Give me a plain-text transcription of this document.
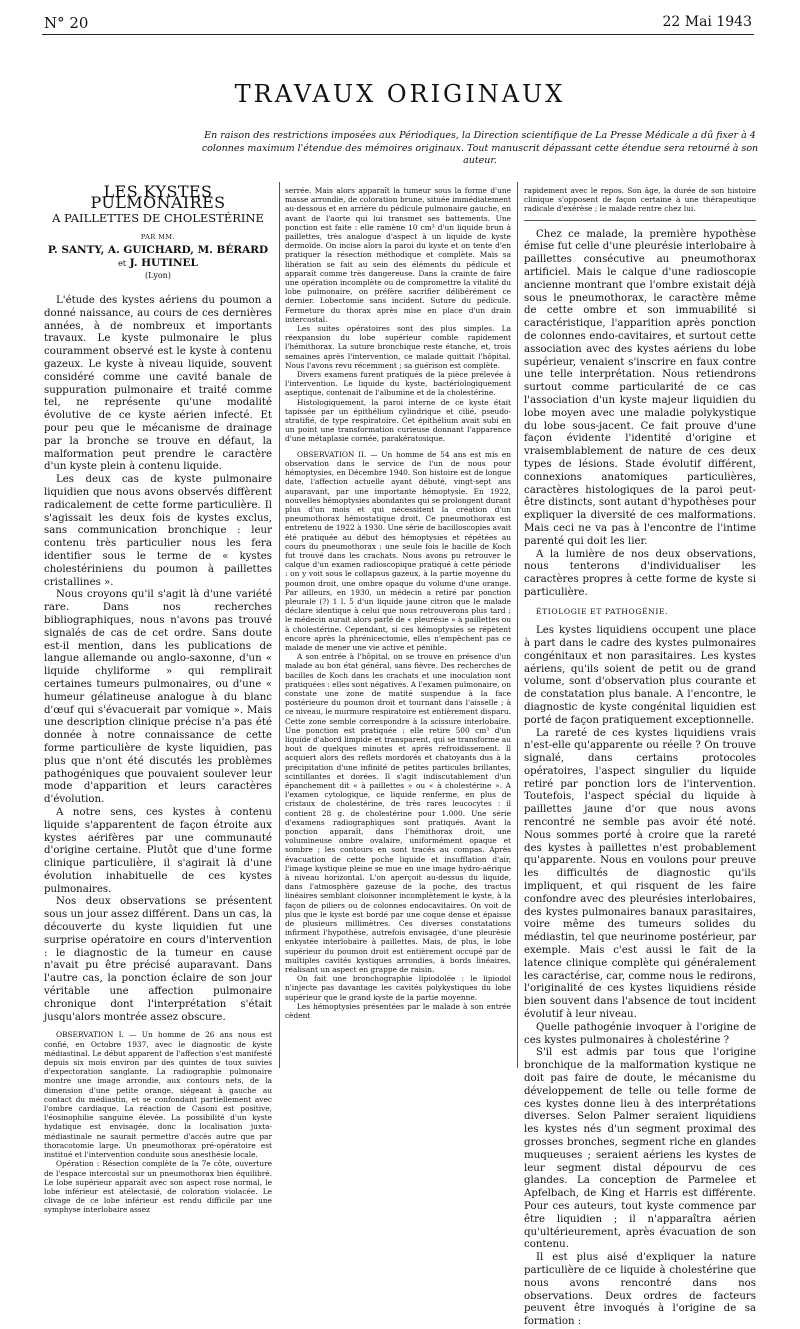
N° 20	22 Mai 1943
TRAVAUX ORIGINAUX
En raison des restrictions imposées aux Périodiques, la Direction scientifique de La Presse Médicale a dû fixer à 4 colonnes maximum l'étendue des mémoires originaux. Tout manuscrit dépassant cette étendue sera retourné à son auteur.
LES KYSTES PULMONAIRES
A PAILLETTES DE CHOLESTÉRINE
PAR MM.
P. SANTY, A. GUICHARD, M. BÉRARD
et J. HUTINEL
(Lyon)

L'étude des kystes aériens du poumon a donné naissance, au cours de ces dernières années, à de nombreux et importants travaux. Le kyste pulmonaire le plus couramment observé est le kyste à contenu gazeux. Le kyste à niveau liquide, souvent considéré comme une cavité banale de suppuration pulmonaire et traité comme tel, ne représente qu'une modalité évolutive de ce kyste aérien infecté. Et pour peu que le mécanisme de drainage par la bronche se trouve en défaut, la malformation peut prendre le caractère d'un kyste plein à contenu liquide.

Les deux cas de kyste pulmonaire liquidien que nous avons observés diffèrent radicalement de cette forme particulière. Il s'agissait les deux fois de kystes exclus, sans communication bronchique : leur contenu très particulier nous les fera identifier sous le terme de « kystes cholestériniens du poumon à paillettes cristallines ».

Nous croyons qu'il s'agit là d'une variété rare. Dans nos recherches bibliographiques, nous n'avons pas trouvé signalés de cas de cet ordre. Sans doute est-il mention, dans les publications de langue allemande ou anglo-saxonne, d'un « liquide chyliforme » qui remplirait certaines tumeurs pulmonaires, ou d'une « humeur gélatineuse analogue à du blanc d'œuf qui s'évacuerait par vomique ». Mais une description clinique précise n'a pas été donnée à notre connaissance de cette forme particulière de kyste liquidien, pas plus que n'ont été discutés les problèmes pathogéniques que pouvaient soulever leur mode d'apparition et leurs caractères d'évolution.

A notre sens, ces kystes à contenu liquide s'apparentent de façon étroite aux kystes aérifères par une communauté d'origine certaine. Plutôt que d'une forme clinique particulière, il s'agirait là d'une évolution inhabituelle de ces kystes pulmonaires.

Nos deux observations se présentent sous un jour assez différent. Dans un cas, la découverte du kyste liquidien fut une surprise opératoire en cours d'intervention : le diagnostic de la tumeur en cause n'avait pu être précisé auparavant. Dans l'autre cas, la ponction éclaire de son jour véritable une affection pulmonaire chronique dont l'interprétation s'était jusqu'alors montrée assez obscure.

OBSERVATION I. — Un homme de 26 ans nous est confié, en Octobre 1937, avec le diagnostic de kyste médiastinal. Le début apparent de l'affection s'est manifesté depuis six mois environ par des quintes de toux suivies d'expectoration sanglante. La radiographie pulmonaire montre une image arrondie, aux contours nets, de la dimension d'une petite orange, siégeant à gauche au contact du médiastin, et se confondant partiellement avec l'ombre cardiaque. La réaction de Casoni est positive, l'éosinophilie sanguine élevée. La possibilité d'un kyste hydatique est envisagée, donc la localisation juxta-médiastinale ne saurait permettre d'accès autre que par thoracotomie large. Un pneumothorax pré-opératoire est institué et l'intervention conduite sous anesthésie locale.

Opération : Résection complète de la 7e côte, ouverture de l'espace intercostal sur un pneumothorax bien équilibré. Le lobe supérieur apparaît avec son aspect rose normal, le lobe inférieur est atélectasié, de coloration violacée. Le clivage de ce lobe inférieur est rendu difficile par une symphyse interlobaire assez

serrée. Mais alors apparaît la tumeur sous la forme d'une masse arrondie, de coloration brune, située immédiatement au-dessous et en arrière du pédicule pulmonaire gauche, en avant de l'aorte qui lui transmet ses battements. Une ponction est faite : elle ramène 10 cm³ d'un liquide brun à paillettes, très analogue d'aspect à un liquide de kyste dermoïde. On incise alors la paroi du kyste et on tente d'en pratiquer la résection méthodique et complète. Mais sa libération se fait au sein des éléments du pédicule et apparaît comme très dangereuse. Dans la crainte de faire une opération incomplète ou de compromettre la vitalité du lobe pulmonaire, on préfère sacrifier délibérément ce dernier. Lobectomie sans incident. Suture du pédicule. Fermeture du thorax après mise en place d'un drain intercostal.

Les suites opératoires sont des plus simples. La réexpansion du lobe supérieur comble rapidement l'hémithorax. La suture bronchique reste étanche, et, trois semaines après l'intervention, ce malade quittait l'hôpital. Nous l'avons revu récemment ; sa guérison est complète.

Divers examens furent pratiqués de la pièce prélevée à l'intervention. Le liquide du kyste, bactériologiquement aseptique, contenait de l'albumine et de la cholestérine.

Histologiquement, la paroi interne de ce kyste était tapissée par un épithélium cylindrique et cilié, pseudo-stratifié, de type respiratoire. Cet épithélium avait subi en un point une transformation curieuse donnant l'apparence d'une métaplasie cornée, parakératosique.

OBSERVATION II. — Un homme de 54 ans est mis en observation dans le service de l'un de nous pour hémoptysies, en Décembre 1940. Son histoire est de longue date, l'affection actuelle ayant débuté, vingt-sept ans auparavant, par une importante hémoptysie. En 1922, nouvelles hémoptysies abondantes qui se prolongent durant plus d'un mois et qui nécessitent la création d'un pneumothorax hémostatique droit. Ce pneumothorax est entretenu de 1922 à 1930. Une série de bacilloscopies avait été pratiquée au début des hémoptysies et répétées au cours du pneumothorax : une seule fois le bacille de Koch fut trouvé dans les crachats. Nous avons pu retrouver le calque d'un examen radioscopique pratiqué à cette période : on y voit sous le collapsus gazeux, à la partie moyenne du poumon droit, une ombre opaque du volume d'une orange. Par ailleurs, en 1930, un médecin a retiré par ponction pleurale (?) 1 l. 5 d'un liquide jaune citron que le malade déclare identique à celui que nous retrouverons plus tard ; le médecin aurait alors parlé de « pleurésie » à paillettes ou à cholestérine. Cependant, si ces hémoptysies se répètent encore après la phrénicectomie, elles n'empêchent pas ce malade de mener une vie active et pénible.

A son entrée à l'hôpital, on se trouve en présence d'un malade au bon état général, sans fièvre. Des recherches de bacilles de Koch dans les crachats et une inoculation sont pratiquées : elles sont négatives. A l'examen pulmonaire, on constate une zone de matité suspendue à la face postérieure du poumon droit et tournant dans l'aisselle ; à ce niveau, le murmure respiratoire est entièrement disparu. Cette zone semble correspondre à la scissure interlobaire. Une ponction est pratiquée : elle retire 500 cm³ d'un liquide d'abord limpide et transparent, qui se transforme au bout de quelques minutes et après refroidissement. Il acquiert alors des reflets mordorés et chatoyants dus à la précipitation d'une infinité de petites particules brillantes, scintillantes et dorées. Il s'agit indiscutablement d'un épanchement dit « à paillettes » ou « à cholestérine ». A l'examen cytologique, ce liquide renferme, en plus de cristaux de cholestérine, de très rares leucocytes : il contient 28 g. de cholestérine pour 1.000. Une série d'examens radiographiques sont pratiqués. Avant la ponction apparaît, dans l'hémithorax droit, une volumineuse ombre ovalaire, uniformément opaque et sombre ; les contours en sont tracés au compas. Après évacuation de cette poche liquide et insufflation d'air, l'image kystique pleine se mue en une image hydro-aérique à niveau horizontal. L'on aperçoit au-dessus du liquide, dans l'atmosphère gazeuse de la poche, des tractus linéaires semblant cloisonner incomplètement le kyste, à la façon de piliers ou de colonnes endocavitaires. On voit de plus que le kyste est bordé par une coque dense et épaisse de plusieurs millimètres. Ces diverses constatations infirment l'hypothèse, autrefois envisagée, d'une pleurésie enkystée interlobaire à paillettes. Mais, de plus, le lobe supérieur du poumon droit est entièrement occupé par de multiples cavités kystiques arrondies, à bords linéaires, réalisant un aspect en grappe de raisin.

On fait une bronchographie lipiodolée : le lipiodol n'injecte pas davantage les cavités polykystiques du lobe supérieur que le grand kyste de la partie moyenne.

Les hémoptysies présentées par le malade à son entrée cèdent

rapidement avec le repos. Son âge, la durée de son histoire clinique s'opposent de façon certaine à une thérapeutique radicale d'exérèse ; le malade rentre chez lui.

Chez ce malade, la première hypothèse émise fut celle d'une pleurésie interlobaire à paillettes consécutive au pneumothorax artificiel. Mais le calque d'une radioscopie ancienne montrant que l'ombre existait déjà sous le pneumothorax, le caractère même de cette ombre et son immuabilité si caractéristique, l'apparition après ponction de colonnes endo-cavitaires, et surtout cette association avec des kystes aériens du lobe supérieur, venaient s'inscrire en faux contre une telle interprétation. Nous retiendrons surtout comme particularité de ce cas l'association d'un kyste majeur liquidien du lobe moyen avec une maladie polykystique du lobe sous-jacent. Ce fait prouve d'une façon évidente l'identité d'origine et vraisemblablement de nature de ces deux types de lésions. Stade évolutif différent, connexions anatomiques particulières, caractères histologiques de la paroi peut-être distincts, sont autant d'hypothèses pour expliquer la diversité de ces malformations. Mais ceci ne va pas à l'encontre de l'intime parenté qui doit les lier.

A la lumière de nos deux observations, nous tenterons d'individualiser les caractères propres à cette forme de kyste si particulière.

ÉTIOLOGIE ET PATHOGÉNIE.

Les kystes liquidiens occupent une place à part dans le cadre des kystes pulmonaires congénitaux et non parasitaires. Les kystes aériens, qu'ils soient de petit ou de grand volume, sont d'observation plus courante et de constatation plus banale. A l'encontre, le diagnostic de kyste congénital liquidien est porté de façon pratiquement exceptionnelle.

La rareté de ces kystes liquidiens vrais n'est-elle qu'apparente ou réelle ? On trouve signalé, dans certains protocoles opératoires, l'aspect singulier du liquide retiré par ponction lors de l'intervention. Toutefois, l'aspect spécial du liquide à paillettes jaune d'or que nous avons rencontré ne semble pas avoir été noté. Nous sommes porté à croire que la rareté des kystes à paillettes n'est probablement qu'apparente. Nous en voulons pour preuve les difficultés de diagnostic qu'ils impliquent, et qui risquent de les faire confondre avec des pleurésies interlobaires, des kystes pulmonaires banaux parasitaires, voire même des tumeurs solides du médiastin, tel que neurinome postérieur, par exemple. Mais c'est aussi le fait de la latence clinique complète qui généralement les caractérise, car, comme nous le redirons, l'originalité de ces kystes liquidiens réside bien souvent dans l'absence de tout incident évolutif à leur niveau.

Quelle pathogénie invoquer à l'origine de ces kystes pulmonaires à cholestérine ?

S'il est admis par tous que l'origine bronchique de la malformation kystique ne doit pas faire de doute, le mécanisme du développement de telle ou telle forme de ces kystes donne lieu à des interprétations diverses. Selon Palmer seraient liquidiens les kystes nés d'un segment proximal des grosses bronches, segment riche en glandes muqueuses ; seraient aériens les kystes de leur segment distal dépourvu de ces glandes. La conception de Parmelee et Apfelbach, de King et Harris est différente. Pour ces auteurs, tout kyste commence par être liquidien ; il n'apparaîtra aérien qu'ultérieurement, après évacuation de son contenu.

Il est plus aisé d'expliquer la nature particulière de ce liquide à cholestérine que nous avons rencontré dans nos observations. Deux ordres de facteurs peuvent être invoqués à l'origine de sa formation :
